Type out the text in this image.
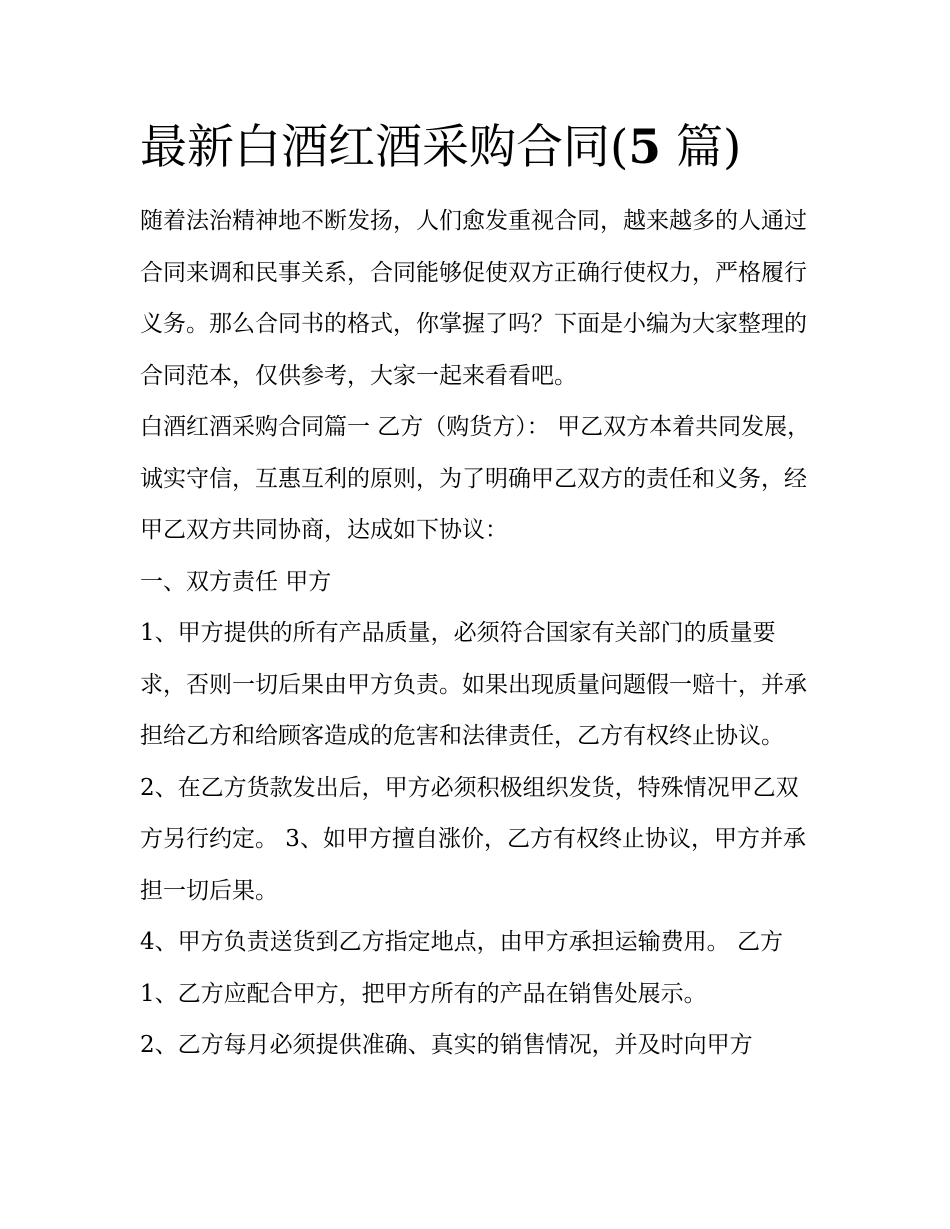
最新白酒红酒采购合同(5 篇)

随着法治精神地不断发扬，人们愈发重视合同，越来越多的人通过合同来调和民事关系，合同能够促使双方正确行使权力，严格履行义务。那么合同书的格式，你掌握了吗？下面是小编为大家整理的合同范本，仅供参考，大家一起来看看吧。

白酒红酒采购合同篇一 乙方（购货方）： 甲乙双方本着共同发展，诚实守信，互惠互利的原则，为了明确甲乙双方的责任和义务，经甲乙双方共同协商，达成如下协议：

一、双方责任 甲方

1、甲方提供的所有产品质量，必须符合国家有关部门的质量要求，否则一切后果由甲方负责。如果出现质量问题假一赔十，并承担给乙方和给顾客造成的危害和法律责任，乙方有权终止协议。

2、在乙方货款发出后，甲方必须积极组织发货，特殊情况甲乙双方另行约定。 3、如甲方擅自涨价，乙方有权终止协议，甲方并承担一切后果。

4、甲方负责送货到乙方指定地点，由甲方承担运输费用。 乙方 1、乙方应配合甲方，把甲方所有的产品在销售处展示。

2、乙方每月必须提供准确、真实的销售情况，并及时向甲方
